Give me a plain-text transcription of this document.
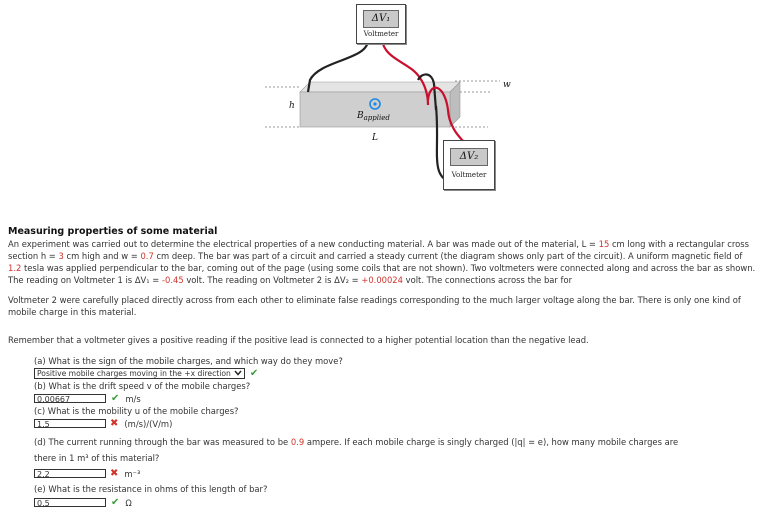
ΔV₁
Voltmeter
ΔV₂
Voltmeter
h
w
L
$B_{applied}$
Measuring properties of some material
An experiment was carried out to determine the electrical properties of a new conducting material. A bar was made out of the material, L = 15 cm long with a rectangular cross section h = 3 cm high and w = 0.7 cm deep. The bar was part of a circuit and carried a steady current (the diagram shows only part of the circuit). A uniform magnetic field of 1.2 tesla was applied perpendicular to the bar, coming out of the page (using some coils that are not shown). Two voltmeters were connected along and across the bar as shown. The reading on Voltmeter 1 is ΔV₁ = -0.45 volt. The reading on Voltmeter 2 is ΔV₂ = +0.00024 volt. The connections across the bar for
Voltmeter 2 were carefully placed directly across from each other to eliminate false readings corresponding to the much larger voltage along the bar. There is only one kind of mobile charge in this material.
Remember that a voltmeter gives a positive reading if the positive lead is connected to a higher potential location than the negative lead.
(a) What is the sign of the mobile charges, and which way do they move?
Positive mobile charges moving in the +x direction ✔
(b) What is the drift speed v of the mobile charges?
0.00667	✔ m/s
(c) What is the mobility u of the mobile charges?
1.5	✖ (m/s)/(V/m)
(d) The current running through the bar was measured to be 0.9 ampere. If each mobile charge is singly charged (|q| = e), how many mobile charges are
there in 1 m³ of this material?
2.2	✖ m⁻³
(e) What is the resistance in ohms of this length of bar?
0.5	✔ Ω
